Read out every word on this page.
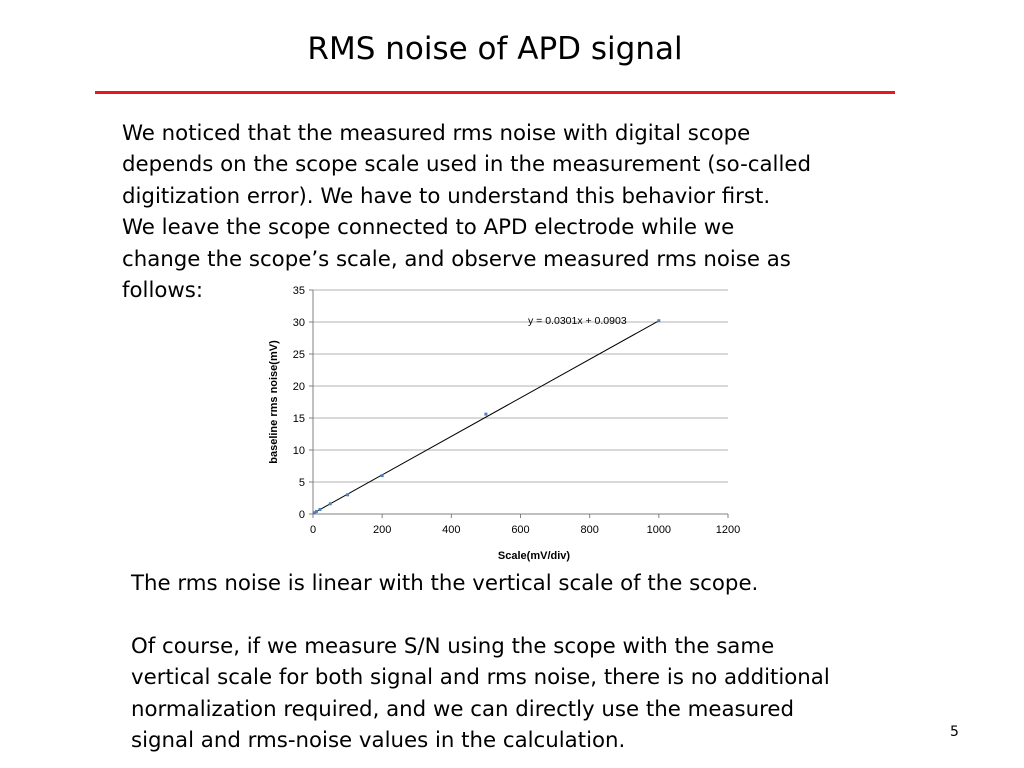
RMS noise of APD signal

We noticed that the measured rms noise with digital scope

depends on the scope scale used in the measurement (so-called

digitization error). We have to understand this behavior first.

We leave the scope connected to APD electrode while we

change the scope’s scale, and observe measured rms noise as

follows:

0
5
10
15
20
25
30
35
0	200	400	600	800	1000	1200
y = 0.0301x + 0.0903
Scale(mV/div)
baseline rms noise(mV)

The rms noise is linear with the vertical scale of the scope.

Of course, if we measure S/N using the scope with the same

vertical scale for both signal and rms noise, there is no additional

normalization required, and we can directly use the measured

signal and rms-noise values in the calculation.	5
